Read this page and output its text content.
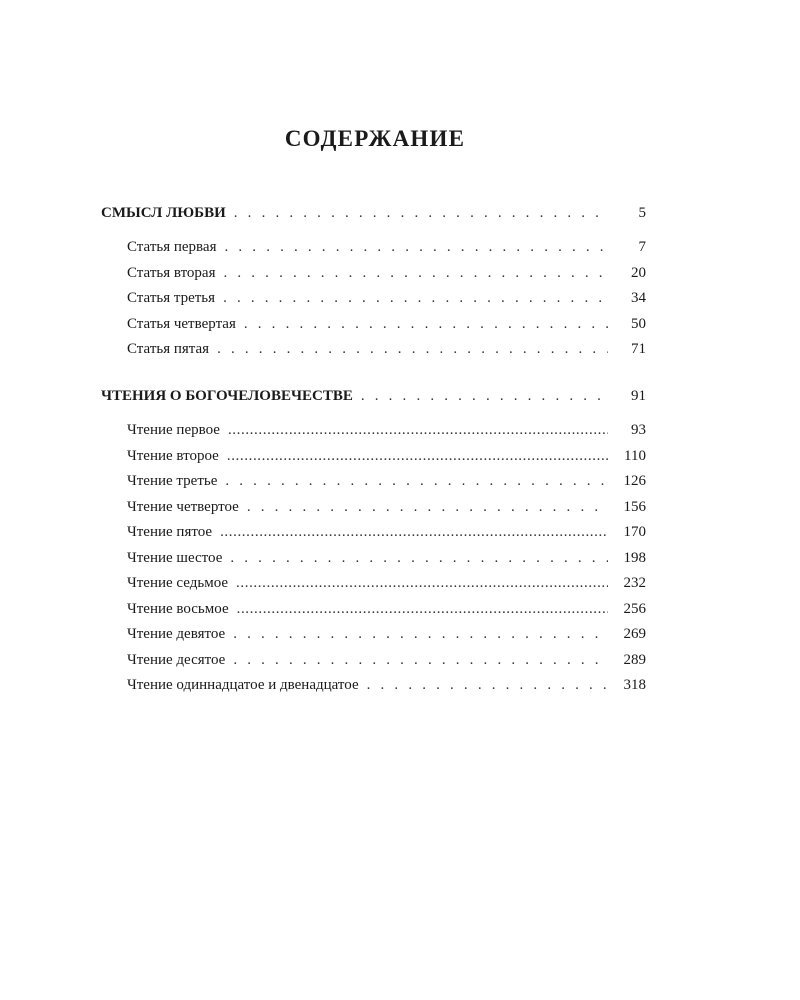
СОДЕРЖАНИЕ
СМЫСЛ ЛЮБВИ . . .	5
Статья первая . . .	7
Статья вторая . . .	20
Статья третья . . .	34
Статья четвертая . . .	50
Статья пятая . . .	71
ЧТЕНИЯ О БОГОЧЕЛОВЕЧЕСТВЕ . . .	91
Чтение первое .....	93
Чтение второе .....	110
Чтение третье . . .	126
Чтение четвертое . . .	156
Чтение пятое .....	170
Чтение шестое . . .	198
Чтение седьмое .....	232
Чтение восьмое .....	256
Чтение девятое . . .	269
Чтение десятое . . .	289
Чтение одиннадцатое и двенадцатое . . .	318
